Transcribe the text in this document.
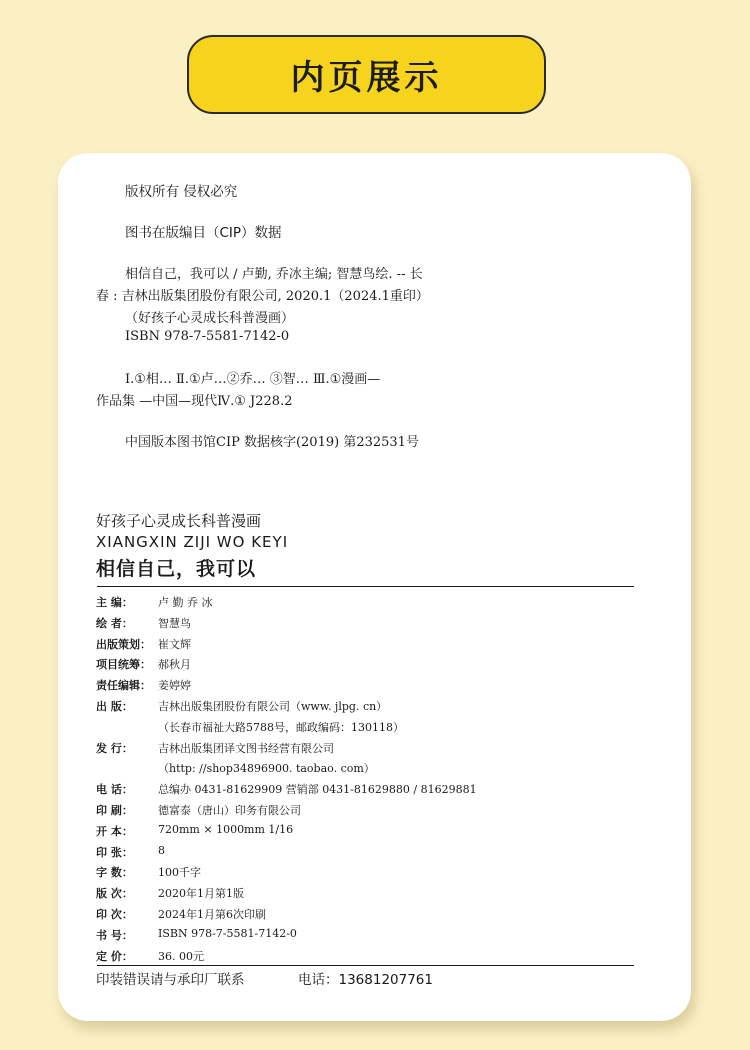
内页展示
版权所有 侵权必究
图书在版编目（CIP）数据
相信自己，我可以 / 卢勤, 乔冰主编; 智慧鸟绘. -- 长
春 : 吉林出版集团股份有限公司, 2020.1（2024.1重印）
（好孩子心灵成长科普漫画）
ISBN 978-7-5581-7142-0
Ⅰ.①相… Ⅱ.①卢…②乔… ③智… Ⅲ.①漫画—
作品集 —中国—现代Ⅳ.① J228.2
中国版本图书馆CIP 数据核字(2019) 第232531号
好孩子心灵成长科普漫画
XIANGXIN ZIJI WO KEYI
相信自己，我可以
主 编：	卢 勤 乔 冰
绘 者：	智慧鸟
出版策划： 崔文辉
项目统筹： 郝秋月
责任编辑： 姜婷婷
出 版：	吉林出版集团股份有限公司（www. jlpg. cn）
（长春市福祉大路5788号，邮政编码：130118）
发 行：	吉林出版集团译文图书经营有限公司
（http: //shop34896900. taobao. com）
电 话：	总编办 0431-81629909 营销部 0431-81629880 / 81629881
印 刷：	德富泰（唐山）印务有限公司
开 本：	720mm × 1000mm 1/16
印 张：	8
字 数：	100千字
版 次：	2020年1月第1版
印 次：	2024年1月第6次印刷
书 号：	ISBN 978-7-5581-7142-0
定 价：	36. 00元
印装错误请与承印厂联系	电话：13681207761
